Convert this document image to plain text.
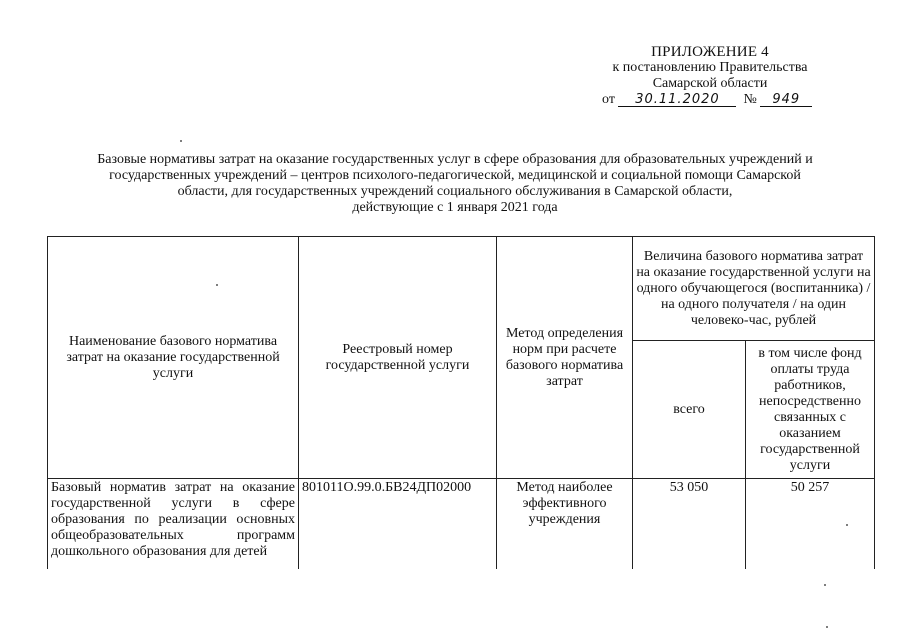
ПРИЛОЖЕНИЕ 4
к постановлению Правительства
Самарской области
от 30.11.2020 № 949
Базовые нормативы затрат на оказание государственных услуг в сфере образования для образовательных учреждений и
государственных учреждений – центров психолого-педагогической, медицинской и социальной помощи Самарской
области, для государственных учреждений социального обслуживания в Самарской области,
действующие с 1 января 2021 года
Наименование базового норматива затрат на оказание государственной услуги	Реестровый номер государственной услуги	Метод определения норм при расчете базового норматива затрат	Величина базового норматива затрат на оказание государственной услуги на одного обучающегося (воспитанника) / на одного получателя / на один человеко-час, рублей	
			всего	в том числе фонд оплаты труда работников, непосредственно связанных с оказанием государственной услуги
Базовый норматив затрат на оказание государственной услуги в сфере образования по реализации основных общеобразовательных программ дошкольного образования для детей	801011О.99.0.БВ24ДП02000	Метод наиболее эффективного учреждения	53 050	50 257
